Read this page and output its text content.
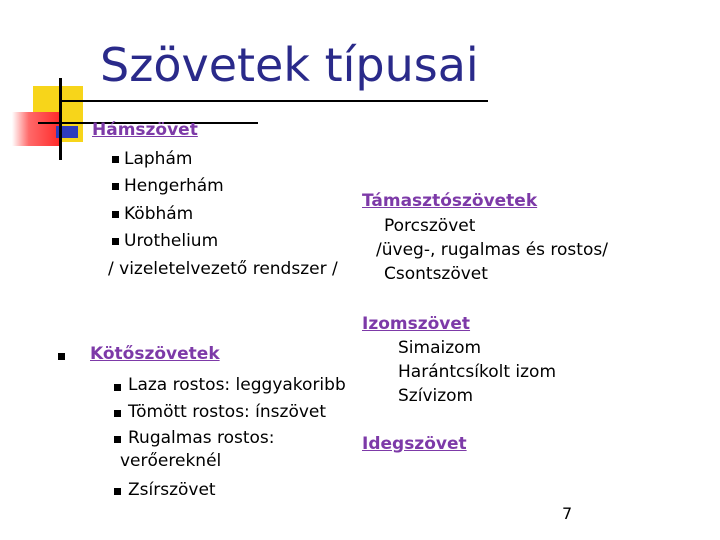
Szövetek típusai
Hámszövet
Lapհám
Hengerhám
Köbhám
Urothelium
/ vizeletelvezető rendszer /
Támasztószövetek
Porcszövet
/üveg-, rugalmas és rostos/
Csontszövet
Izomszövet
Simaizom
Harántcsíkolt izom
Szívizom
Kötőszövetek
Laza rostos: leggyakoribb
Tömött rostos: ínszövet
Rugalmas rostos:
verőereknél
Zsírszövet
Idegszövet
7
